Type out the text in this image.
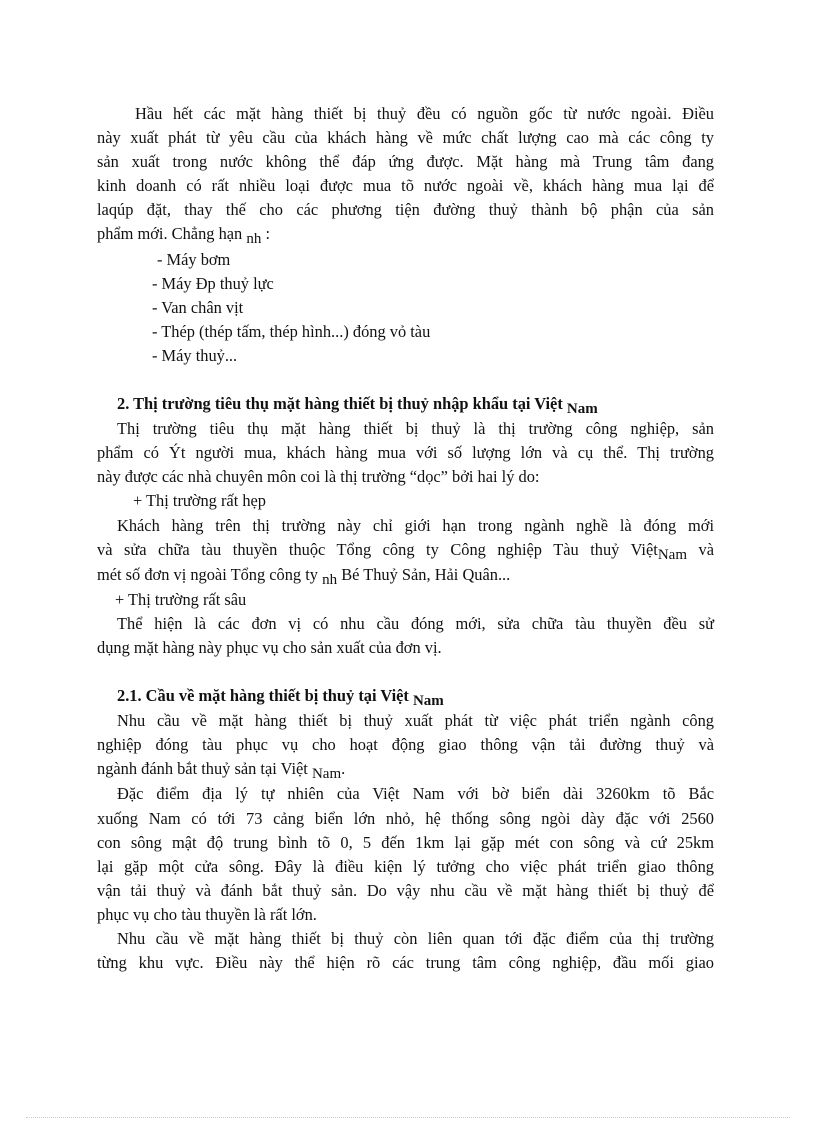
Hầu hết các mặt hàng thiết bị thuỷ đều có nguồn gốc từ nước ngoài. Điều
này xuất phát từ yêu cầu của khách hàng về mức chất lượng cao mà các công ty
sản xuất trong nước không thể đáp ứng được. Mặt hàng mà Trung tâm đang
kinh doanh có rất nhiều loại được mua tõ nước ngoài về, khách hàng mua lại để
laqúp đặt, thay thế cho các phương tiện đường thuỷ thành bộ phận của sản
phẩm mới. Chẳng hạn nh :
- Máy bơm
- Máy Ðp thuỷ lực
- Van chân vịt
- Thép (thép tấm, thép hình...) đóng vỏ tàu
- Máy thuỷ...
2. Thị trường tiêu thụ mặt hàng thiết bị thuỷ nhập khẩu tại Việt Nam
Thị trường tiêu thụ mặt hàng thiết bị thuỷ là thị trường công nghiệp, sản
phẩm có Ýt người mua, khách hàng mua với số lượng lớn và cụ thể. Thị trường
này được các nhà chuyên môn coi là thị trường “dọc” bởi hai lý do:
+ Thị trường rất hẹp
Khách hàng trên thị trường này chỉ giới hạn trong ngành nghề là đóng mới
và sửa chữa tàu thuyền thuộc Tổng công ty Công nghiệp Tàu thuỷ ViệtNam và
mét số đơn vị ngoài Tổng công ty nh Bé Thuỷ Sản, Hải Quân...
+ Thị trường rất sâu
Thể hiện là các đơn vị có nhu cầu đóng mới, sửa chữa tàu thuyền đều sử
dụng mặt hàng này phục vụ cho sản xuất của đơn vị.
2.1. Cầu về mặt hàng thiết bị thuỷ tại Việt Nam
Nhu cầu về mặt hàng thiết bị thuỷ xuất phát từ việc phát triển ngành công
nghiệp đóng tàu phục vụ cho hoạt động giao thông vận tải đường thuỷ và
ngành đánh bắt thuỷ sản tại Việt Nam.
Đặc điểm địa lý tự nhiên của Việt Nam với bờ biển dài 3260km tõ Bắc
xuống Nam có tới 73 cảng biển lớn nhỏ, hệ thống sông ngòi dày đặc với 2560
con sông mật độ trung bình tõ 0, 5 đến 1km lại gặp mét con sông và cứ 25km
lại gặp một cửa sông. Đây là điều kiện lý tưởng cho việc phát triển giao thông
vận tải thuỷ và đánh bắt thuỷ sản. Do vậy nhu cầu về mặt hàng thiết bị thuỷ để
phục vụ cho tàu thuyền là rất lớn.
Nhu cầu về mặt hàng thiết bị thuỷ còn liên quan tới đặc điểm của thị trường
từng khu vực. Điều này thể hiện rõ các trung tâm công nghiệp, đầu mối giao
